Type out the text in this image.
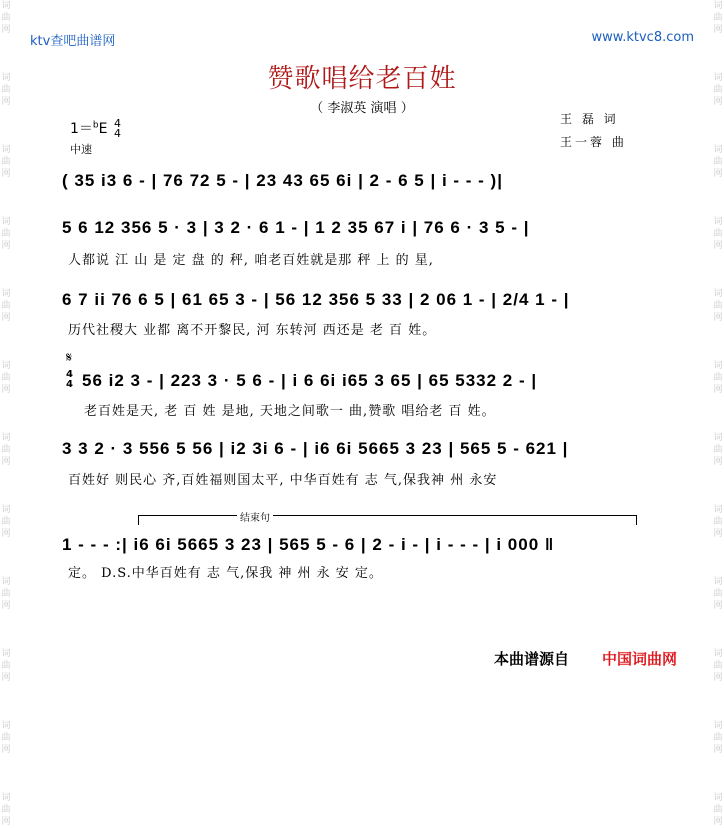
词曲网

词曲网

词曲网

词曲网

词曲网

词曲网

词曲网

词曲网

词曲网

词曲网

词曲网

词曲网
词曲网

词曲网

词曲网

词曲网

词曲网

词曲网

词曲网

词曲网

词曲网

词曲网

词曲网

词曲网
ktv查吧曲谱网	www.ktvc8.com
赞歌唱给老百姓
（ 李淑英 演唱 ）
1＝$^b$E 4
4
中速
王 磊 词
王一蓉 曲
( 35 i3 6 - | 76 72 5 - | 23 43 65 6i | 2 - 6 5 | i - - - )|
5 6 12 356 5 · 3 | 3 2 · 6 1 - | 1 2 35 67 i | 76 6 · 3 5 - |
人都说 江 山 是 定 盘 的 秤, 咱老百姓就是那 秤 上 的 星,
6 7 ii 76 6 5 | 61 65 3 - | 56 12 356 5 33 | 2 06 1 - | 2/4 1 - |
历代社稷大 业都 离不开黎民, 河 东转河 西还是 老 百 姓。
𝄋
4
4 56 i2 3 - | 223 3 · 5 6 - | i 6 6i i65 3 65 | 65 5332 2 - |
老百姓是天, 老 百 姓 是地, 天地之间歌一 曲,赞歌 唱给老 百 姓。
3 3 2 · 3 556 5 56 | i2 3i 6 - | i6 6i 5665 3 23 | 565 5 - 621 |
百姓好 则民心 齐,百姓福则国太平, 中华百姓有 志 气,保我神 州 永安
结束句
1 - - - :| i6 6i 5665 3 23 | 565 5 - 6 | 2 - i - | i - - - | i 000 ‖
定。 D.S.中华百姓有 志 气,保我 神 州 永 安 定。
本曲谱源自 中国词曲网
